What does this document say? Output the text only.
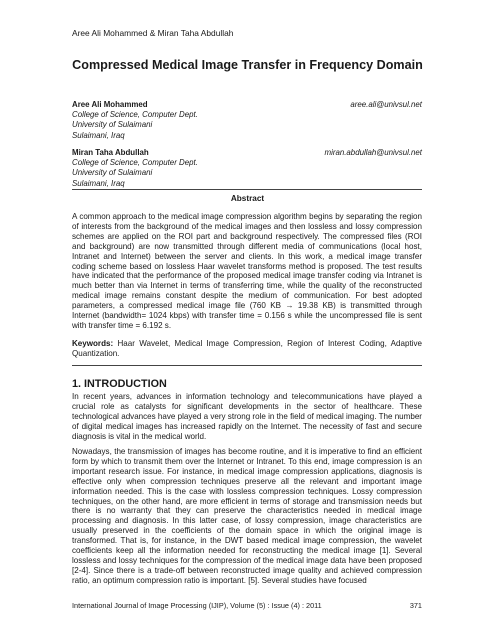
Aree Ali Mohammed & Miran Taha Abdullah
Compressed Medical Image Transfer in Frequency Domain
Aree Ali Mohammed	aree.ali@univsul.net
College of Science, Computer Dept.
University of Sulaimani
Sulaimani, Iraq
Miran Taha Abdullah	miran.abdullah@univsul.net
College of Science, Computer Dept.
University of Sulaimani
Sulaimani, Iraq
Abstract
A common approach to the medical image compression algorithm begins by separating the region of interests from the background of the medical images and then lossless and lossy compression schemes are applied on the ROI part and background respectively. The compressed files (ROI and background) are now transmitted through different media of communications (local host, Intranet and Internet) between the server and clients. In this work, a medical image transfer coding scheme based on lossless Haar wavelet transforms method is proposed. The test results have indicated that the performance of the proposed medical image transfer coding via Intranet is much better than via Internet in terms of transferring time, while the quality of the reconstructed medical image remains constant despite the medium of communication. For best adopted parameters, a compressed medical image file (760 KB → 19.38 KB) is transmitted through Internet (bandwidth= 1024 kbps) with transfer time = 0.156 s while the uncompressed file is sent with transfer time = 6.192 s.
Keywords: Haar Wavelet, Medical Image Compression, Region of Interest Coding, Adaptive Quantization.
1. INTRODUCTION
In recent years, advances in information technology and telecommunications have played a crucial role as catalysts for significant developments in the sector of healthcare. These technological advances have played a very strong role in the field of medical imaging. The number of digital medical images has increased rapidly on the Internet. The necessity of fast and secure diagnosis is vital in the medical world.
Nowadays, the transmission of images has become routine, and it is imperative to find an efficient form by which to transmit them over the Internet or Intranet. To this end, image compression is an important research issue. For instance, in medical image compression applications, diagnosis is effective only when compression techniques preserve all the relevant and important image information needed. This is the case with lossless compression techniques. Lossy compression techniques, on the other hand, are more efficient in terms of storage and transmission needs but there is no warranty that they can preserve the characteristics needed in medical image processing and diagnosis. In this latter case, of lossy compression, image characteristics are usually preserved in the coefficients of the domain space in which the original image is transformed. That is, for instance, in the DWT based medical image compression, the wavelet coefficients keep all the information needed for reconstructing the medical image [1]. Several lossless and lossy techniques for the compression of the medical image data have been proposed [2-4]. Since there is a trade-off between reconstructed image quality and achieved compression ratio, an optimum compression ratio is important. [5]. Several studies have focused
International Journal of Image Processing (IJIP), Volume (5) : Issue (4) : 2011	371
